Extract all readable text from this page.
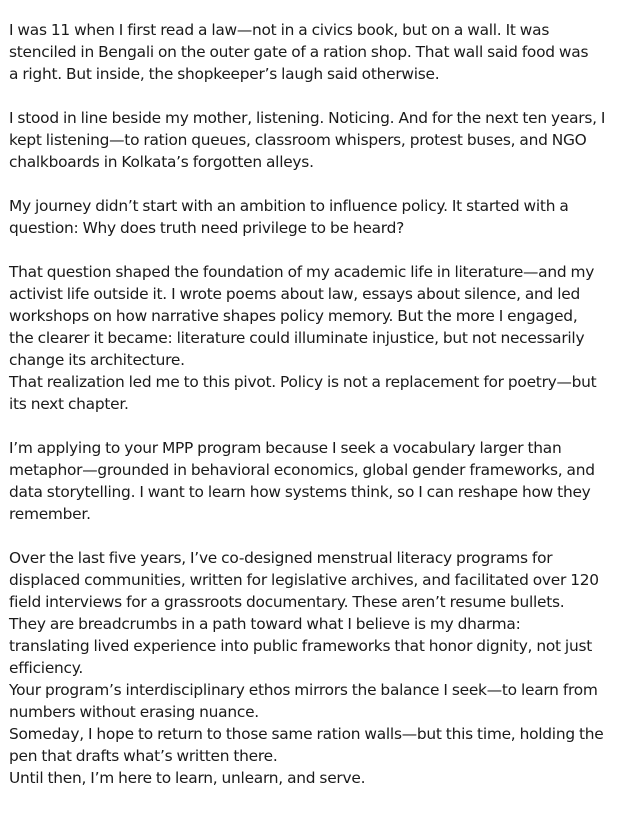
I was 11 when I first read a law—not in a civics book, but on a wall. It was
stenciled in Bengali on the outer gate of a ration shop. That wall said food was
a right. But inside, the shopkeeper’s laugh said otherwise.
I stood in line beside my mother, listening. Noticing. And for the next ten years, I
kept listening—to ration queues, classroom whispers, protest buses, and NGO
chalkboards in Kolkata’s forgotten alleys.
My journey didn’t start with an ambition to influence policy. It started with a
question: Why does truth need privilege to be heard?
That question shaped the foundation of my academic life in literature—and my
activist life outside it. I wrote poems about law, essays about silence, and led
workshops on how narrative shapes policy memory. But the more I engaged,
the clearer it became: literature could illuminate injustice, but not necessarily
change its architecture.
That realization led me to this pivot. Policy is not a replacement for poetry—but
its next chapter.
I’m applying to your MPP program because I seek a vocabulary larger than
metaphor—grounded in behavioral economics, global gender frameworks, and
data storytelling. I want to learn how systems think, so I can reshape how they
remember.
Over the last five years, I’ve co-designed menstrual literacy programs for
displaced communities, written for legislative archives, and facilitated over 120
field interviews for a grassroots documentary. These aren’t resume bullets.
They are breadcrumbs in a path toward what I believe is my dharma:
translating lived experience into public frameworks that honor dignity, not just
efficiency.
Your program’s interdisciplinary ethos mirrors the balance I seek—to learn from
numbers without erasing nuance.
Someday, I hope to return to those same ration walls—but this time, holding the
pen that drafts what’s written there.
Until then, I’m here to learn, unlearn, and serve.
